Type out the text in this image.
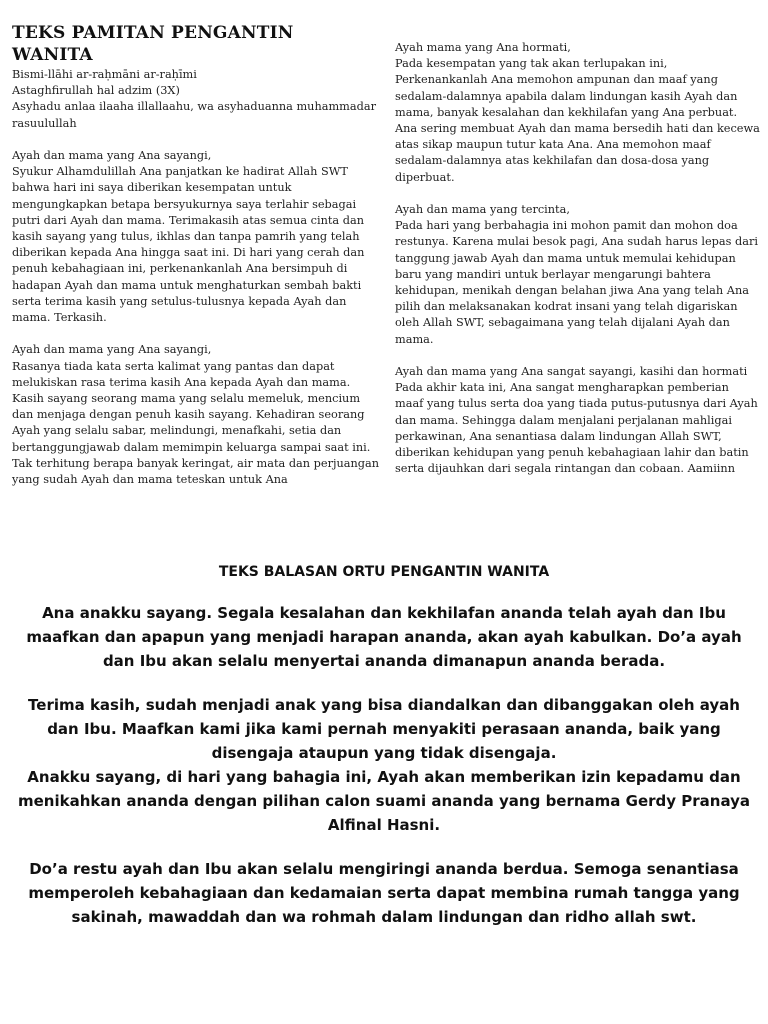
TEKS PAMITAN PENGANTIN WANITA

Bismi-llāhi ar-raḥmāni ar-raḥīmi
Astaghfirullah hal adzim (3X)
Asyhadu anlaa ilaaha illallaahu, wa asyhaduanna muhammadar rasuulullah

Ayah dan mama yang Ana sayangi,
Syukur Alhamdulillah Ana panjatkan ke hadirat Allah SWT bahwa hari ini saya diberikan kesempatan untuk mengungkapkan betapa bersyukurnya saya terlahir sebagai putri dari Ayah dan mama. Terimakasih atas semua cinta dan kasih sayang yang tulus, ikhlas dan tanpa pamrih yang telah diberikan kepada Ana hingga saat ini. Di hari yang cerah dan penuh kebahagiaan ini, perkenankanlah Ana bersimpuh di hadapan Ayah dan mama untuk menghaturkan sembah bakti serta terima kasih yang setulus-tulusnya kepada Ayah dan mama. Terkasih.

Ayah dan mama yang Ana sayangi,
Rasanya tiada kata serta kalimat yang pantas dan dapat melukiskan rasa terima kasih Ana kepada Ayah dan mama. Kasih sayang seorang mama yang selalu memeluk, mencium dan menjaga dengan penuh kasih sayang. Kehadiran seorang Ayah yang selalu sabar, melindungi, menafkahi, setia dan bertanggungjawab dalam memimpin keluarga sampai saat ini. Tak terhitung berapa banyak keringat, air mata dan perjuangan yang sudah Ayah dan mama teteskan untuk Ana

Ayah mama yang Ana hormati,
Pada kesempatan yang tak akan terlupakan ini,
Perkenankanlah Ana memohon ampunan dan maaf yang sedalam-dalamnya apabila dalam lindungan kasih Ayah dan mama, banyak kesalahan dan kekhilafan yang Ana perbuat. Ana sering membuat Ayah dan mama bersedih hati dan kecewa atas sikap maupun tutur kata Ana. Ana memohon maaf sedalam-dalamnya atas kekhilafan dan dosa-dosa yang diperbuat.

Ayah dan mama yang tercinta,
Pada hari yang berbahagia ini mohon pamit dan mohon doa restunya. Karena mulai besok pagi, Ana sudah harus lepas dari tanggung jawab Ayah dan mama untuk memulai kehidupan baru yang mandiri untuk berlayar mengarungi bahtera kehidupan, menikah dengan belahan jiwa Ana yang telah Ana pilih dan melaksanakan kodrat insani yang telah digariskan oleh Allah SWT, sebagaimana yang telah dijalani Ayah dan mama.

Ayah dan mama yang Ana sangat sayangi, kasihi dan hormati
Pada akhir kata ini, Ana sangat mengharapkan pemberian maaf yang tulus serta doa yang tiada putus-putusnya dari Ayah dan mama. Sehingga dalam menjalani perjalanan mahligai perkawinan, Ana senantiasa dalam lindungan Allah SWT, diberikan kehidupan yang penuh kebahagiaan lahir dan batin serta dijauhkan dari segala rintangan dan cobaan. Aamiinn

TEKS BALASAN ORTU PENGANTIN WANITA

Ana anakku sayang. Segala kesalahan dan kekhilafan ananda telah ayah dan Ibu maafkan dan apapun yang menjadi harapan ananda, akan ayah kabulkan. Do’a ayah dan Ibu akan selalu menyertai ananda dimanapun ananda berada.

Terima kasih, sudah menjadi anak yang bisa diandalkan dan dibanggakan oleh ayah dan Ibu. Maafkan kami jika kami pernah menyakiti perasaan ananda, baik yang disengaja ataupun yang tidak disengaja.

Anakku sayang, di hari yang bahagia ini, Ayah akan memberikan izin kepadamu dan menikahkan ananda dengan pilihan calon suami ananda yang bernama Gerdy Pranaya Alfinal Hasni.

Do’a restu ayah dan Ibu akan selalu mengiringi ananda berdua. Semoga senantiasa memperoleh kebahagiaan dan kedamaian serta dapat membina rumah tangga yang sakinah, mawaddah dan wa rohmah dalam lindungan dan ridho allah swt.
